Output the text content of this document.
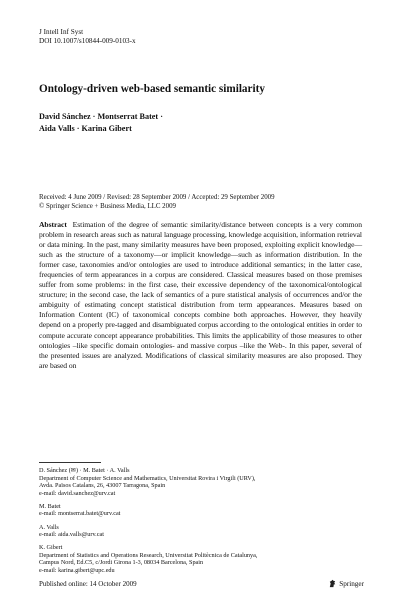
J Intell Inf Syst
DOI 10.1007/s10844-009-0103-x
Ontology-driven web-based semantic similarity
David Sánchez · Montserrat Batet ·
Aida Valls · Karina Gibert
Received: 4 June 2009 / Revised: 28 September 2009 / Accepted: 29 September 2009
© Springer Science + Business Media, LLC 2009
Abstract Estimation of the degree of semantic similarity/distance between concepts is a very common problem in research areas such as natural language processing, knowledge acquisition, information retrieval or data mining. In the past, many similarity measures have been proposed, exploiting explicit knowledge—such as the structure of a taxonomy—or implicit knowledge—such as information distribution. In the former case, taxonomies and/or ontologies are used to introduce additional semantics; in the latter case, frequencies of term appearances in a corpus are considered. Classical measures based on those premises suffer from some problems: in the first case, their excessive dependency of the taxonomical/ontological structure; in the second case, the lack of semantics of a pure statistical analysis of occurrences and/or the ambiguity of estimating concept statistical distribution from term appearances. Measures based on Information Content (IC) of taxonomical concepts combine both approaches. However, they heavily depend on a properly pre-tagged and disambiguated corpus according to the ontological entities in order to compute accurate concept appearance probabilities. This limits the applicability of those measures to other ontologies –like specific domain ontologies- and massive corpus –like the Web-. In this paper, several of the presented issues are analyzed. Modifications of classical similarity measures are also proposed. They are based on
D. Sánchez (✉) · M. Batet · A. Valls
Department of Computer Science and Mathematics, Universitat Rovira i Virgili (URV),
Avda. Països Catalans, 26, 43007 Tarragona, Spain
e-mail: david.sanchez@urv.cat
M. Batet
e-mail: montserrat.batet@urv.cat
A. Valls
e-mail: aida.valls@urv.cat
K. Gibert
Department of Statistics and Operations Research, Universitat Politècnica de Catalunya,
Campus Nord, Ed.C5, c/Jordi Girona 1-3, 08034 Barcelona, Spain
e-mail: karina.gibert@upc.edu
Published online: 14 October 2009	Springer
